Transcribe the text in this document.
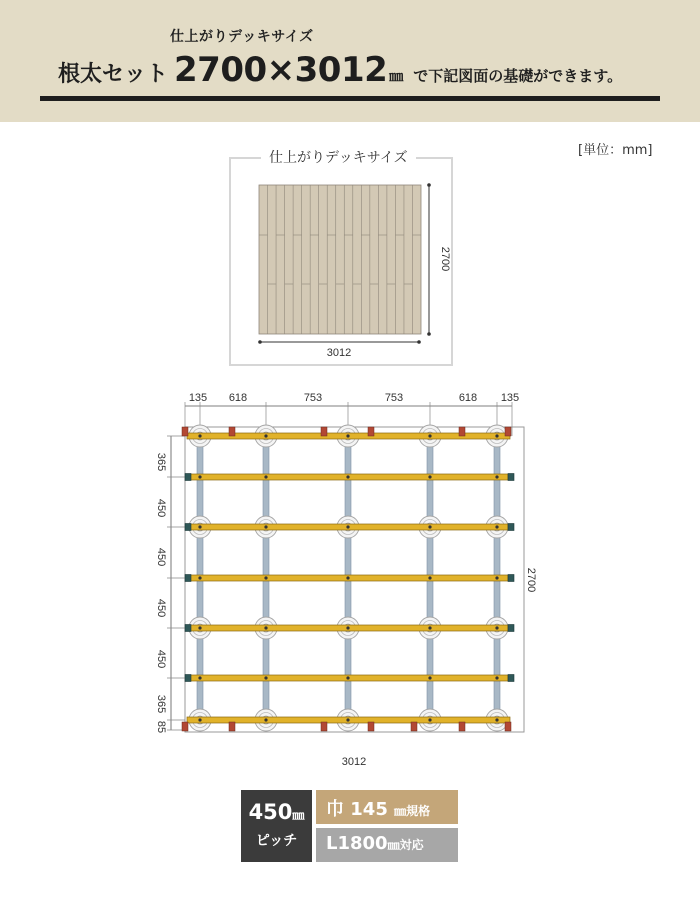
仕上がりデッキサイズ
根太セット 2700×3012 ㎜ で下記図面の基礎ができます。
[単位：mm]
2700
3012
仕上がりデッキサイズ
135 618	753	753	618 135
365
450
450
450
450
365
85
2700
3012
450㎜
ピッチ
巾 145 ㎜規格
L1800㎜対応
